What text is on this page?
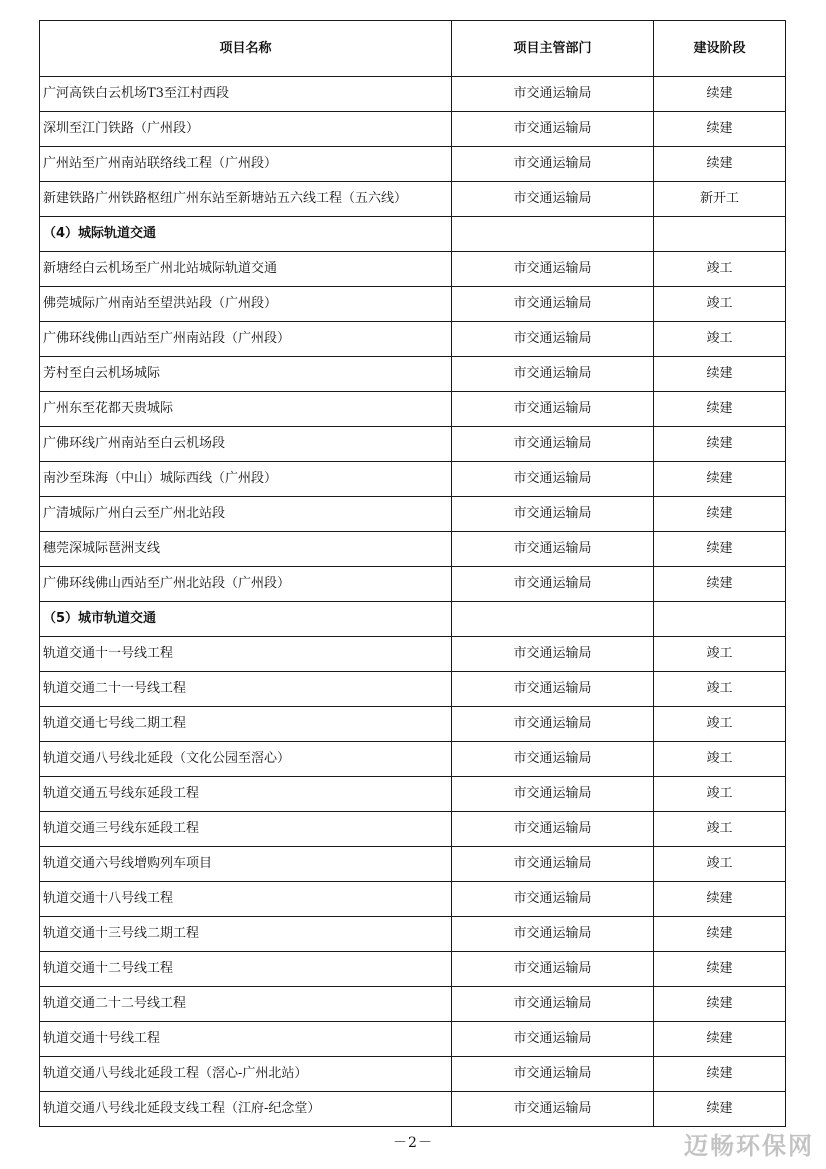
项目名称	项目主管部门	建设阶段
广河高铁白云机场T3至江村西段	市交通运输局	续建
深圳至江门铁路（广州段）	市交通运输局	续建
广州站至广州南站联络线工程（广州段）	市交通运输局	续建
新建铁路广州铁路枢纽广州东站至新塘站五六线工程（五六线）	市交通运输局	新开工
（4）城际轨道交通		
新塘经白云机场至广州北站城际轨道交通	市交通运输局	竣工
佛莞城际广州南站至望洪站段（广州段）	市交通运输局	竣工
广佛环线佛山西站至广州南站段（广州段）	市交通运输局	竣工
芳村至白云机场城际	市交通运输局	续建
广州东至花都天贵城际	市交通运输局	续建
广佛环线广州南站至白云机场段	市交通运输局	续建
南沙至珠海（中山）城际西线（广州段）	市交通运输局	续建
广清城际广州白云至广州北站段	市交通运输局	续建
穗莞深城际琶洲支线	市交通运输局	续建
广佛环线佛山西站至广州北站段（广州段）	市交通运输局	续建
（5）城市轨道交通		
轨道交通十一号线工程	市交通运输局	竣工
轨道交通二十一号线工程	市交通运输局	竣工
轨道交通七号线二期工程	市交通运输局	竣工
轨道交通八号线北延段（文化公园至滘心）	市交通运输局	竣工
轨道交通五号线东延段工程	市交通运输局	竣工
轨道交通三号线东延段工程	市交通运输局	竣工
轨道交通六号线增购列车项目	市交通运输局	竣工
轨道交通十八号线工程	市交通运输局	续建
轨道交通十三号线二期工程	市交通运输局	续建
轨道交通十二号线工程	市交通运输局	续建
轨道交通二十二号线工程	市交通运输局	续建
轨道交通十号线工程	市交通运输局	续建
轨道交通八号线北延段工程（滘心-广州北站）	市交通运输局	续建
轨道交通八号线北延段支线工程（江府-纪念堂）	市交通运输局	续建
－2－	迈畅环保网
